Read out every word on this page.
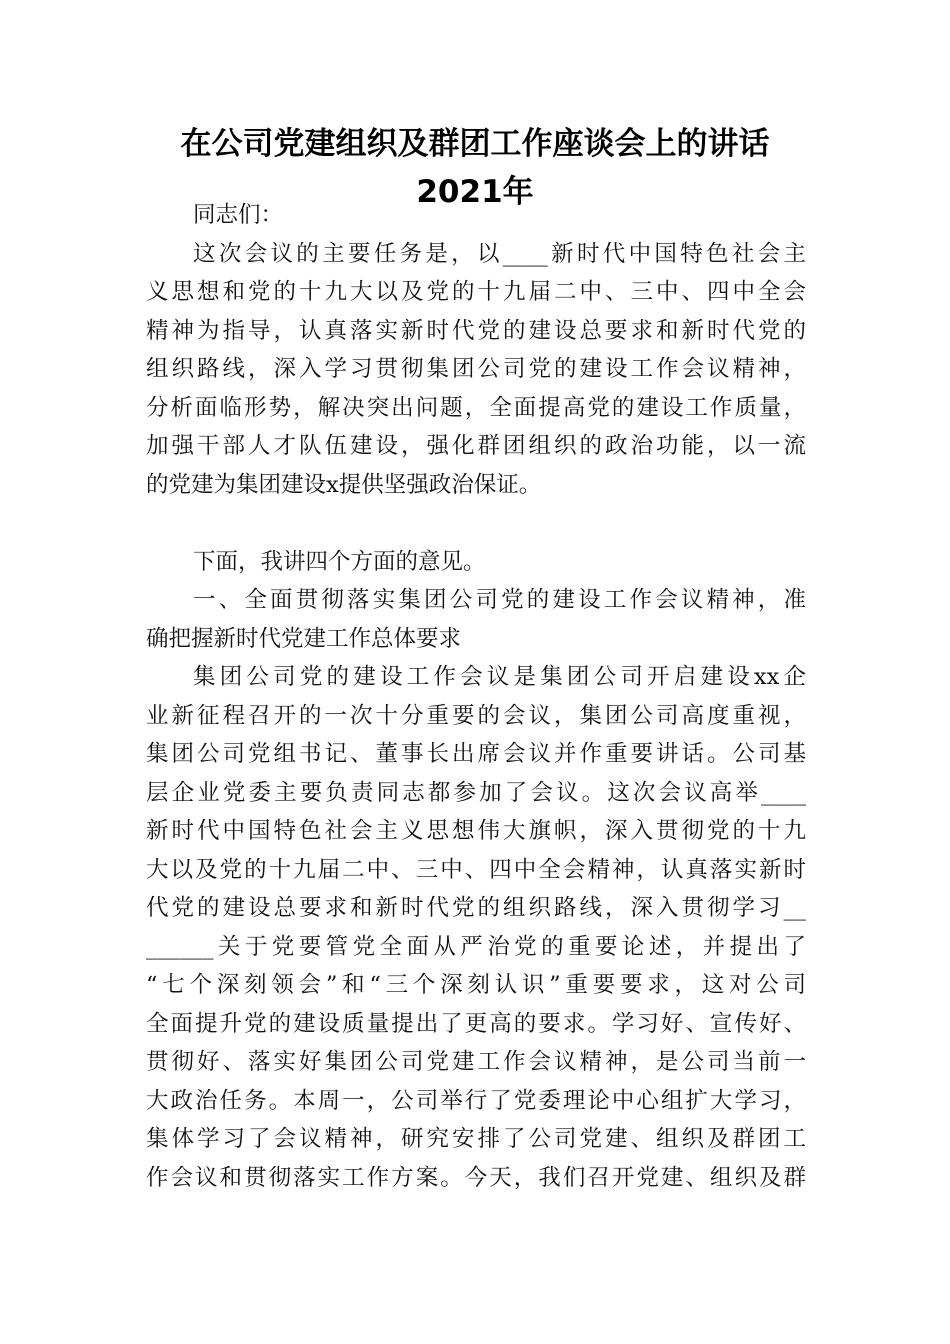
在公司党建组织及群团工作座谈会上的讲话
2021年
同志们：
这次会议的主要任务是，以____新时代中国特色社会主
义思想和党的十九大以及党的十九届二中、三中、四中全会
精神为指导，认真落实新时代党的建设总要求和新时代党的
组织路线，深入学习贯彻集团公司党的建设工作会议精神，
分析面临形势，解决突出问题，全面提高党的建设工作质量，
加强干部人才队伍建设，强化群团组织的政治功能，以一流
的党建为集团建设x提供坚强政治保证。
下面，我讲四个方面的意见。
一、全面贯彻落实集团公司党的建设工作会议精神，准
确把握新时代党建工作总体要求
集团公司党的建设工作会议是集团公司开启建设xx企
业新征程召开的一次十分重要的会议，集团公司高度重视，
集团公司党组书记、董事长出席会议并作重要讲话。公司基
层企业党委主要负责同志都参加了会议。这次会议高举____
新时代中国特色社会主义思想伟大旗帜，深入贯彻党的十九
大以及党的十九届二中、三中、四中全会精神，认真落实新时
代党的建设总要求和新时代党的组织路线，深入贯彻学习__
______关于党要管党全面从严治党的重要论述，并提出了
“七个深刻领会”和“三个深刻认识”重要要求，这对公司
全面提升党的建设质量提出了更高的要求。学习好、宣传好、
贯彻好、落实好集团公司党建工作会议精神，是公司当前一
大政治任务。本周一，公司举行了党委理论中心组扩大学习，
集体学习了会议精神，研究安排了公司党建、组织及群团工
作会议和贯彻落实工作方案。今天，我们召开党建、组织及群
